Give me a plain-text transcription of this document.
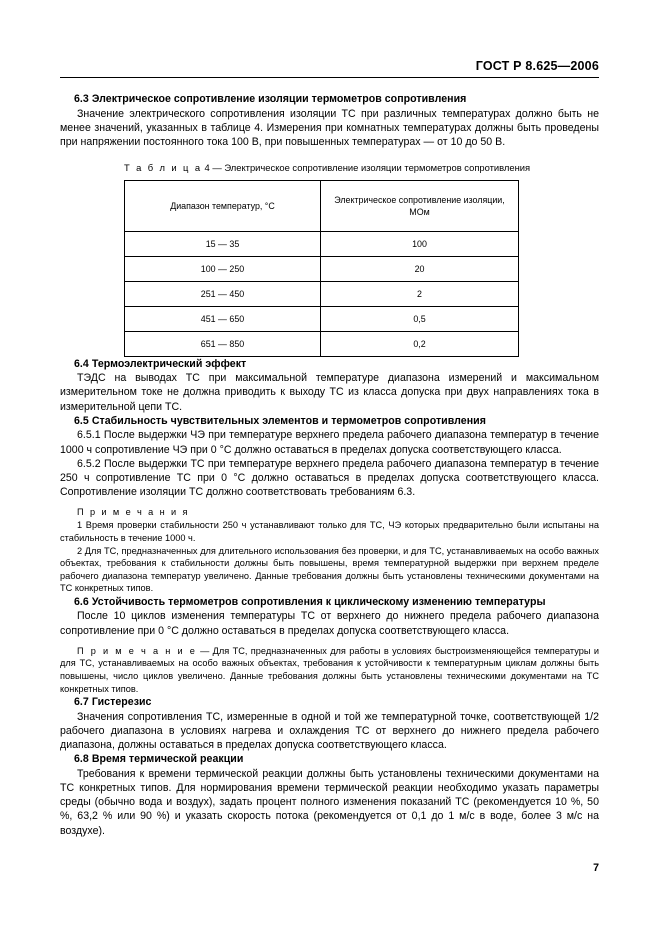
ГОСТ Р 8.625—2006
6.3 Электрическое сопротивление изоляции термометров сопротивления

Значение электрического сопротивления изоляции ТС при различных температурах должно быть не менее значений, указанных в таблице 4. Измерения при комнатных температурах должны быть проведены при напряжении постоянного тока 100 В, при повышенных температурах — от 10 до 50 В.

Т а б л и ц а 4 — Электрическое сопротивление изоляции термометров сопротивления

Диапазон температур, °С	Электрическое сопротивление изоляции, МОм
15 — 35	100
100 — 250	20
251 — 450	2
451 — 650	0,5
651 — 850	0,2
6.4 Термоэлектрический эффект

ТЭДС на выводах ТС при максимальной температуре диапазона измерений и максимальном измерительном токе не должна приводить к выходу ТС из класса допуска при двух направлениях тока в измерительной цепи ТС.

6.5 Стабильность чувствительных элементов и термометров сопротивления

6.5.1 После выдержки ЧЭ при температуре верхнего предела рабочего диапазона температур в течение 1000 ч сопротивление ЧЭ при 0 °С должно оставаться в пределах допуска соответствующего класса.

6.5.2 После выдержки ТС при температуре верхнего предела рабочего диапазона температур в течение 250 ч сопротивление ТС при 0 °С должно оставаться в пределах допуска соответствующего класса. Сопротивление изоляции ТС должно соответствовать требованиям 6.3.

П р и м е ч а н и я

1 Время проверки стабильности 250 ч устанавливают только для ТС, ЧЭ которых предварительно были испытаны на стабильность в течение 1000 ч.

2 Для ТС, предназначенных для длительного использования без проверки, и для ТС, устанавливаемых на особо важных объектах, требования к стабильности должны быть повышены, время температурной выдержки при верхнем пределе рабочего диапазона температур увеличено. Данные требования должны быть установлены техническими документами на ТС конкретных типов.

6.6 Устойчивость термометров сопротивления к циклическому изменению температуры

После 10 циклов изменения температуры ТС от верхнего до нижнего предела рабочего диапазона сопротивление при 0 °С должно оставаться в пределах допуска соответствующего класса.

П р и м е ч а н и е — Для ТС, предназначенных для работы в условиях быстроизменяющейся температуры и для ТС, устанавливаемых на особо важных объектах, требования к устойчивости к температурным циклам должны быть повышены, число циклов увеличено. Данные требования должны быть установлены техническими документами на ТС конкретных типов.

6.7 Гистерезис

Значения сопротивления ТС, измеренные в одной и той же температурной точке, соответствующей 1/2 рабочего диапазона в условиях нагрева и охлаждения ТС от верхнего до нижнего предела рабочего диапазона, должны оставаться в пределах допуска соответствующего класса.

6.8 Время термической реакции

Требования к времени термической реакции должны быть установлены техническими документами на ТС конкретных типов. Для нормирования времени термической реакции необходимо указать параметры среды (обычно вода и воздух), задать процент полного изменения показаний ТС (рекомендуется 10 %, 50 %, 63,2 % или 90 %) и указать скорость потока (рекомендуется от 0,1 до 1 м/с в воде, более 3 м/с на воздухе).

7
